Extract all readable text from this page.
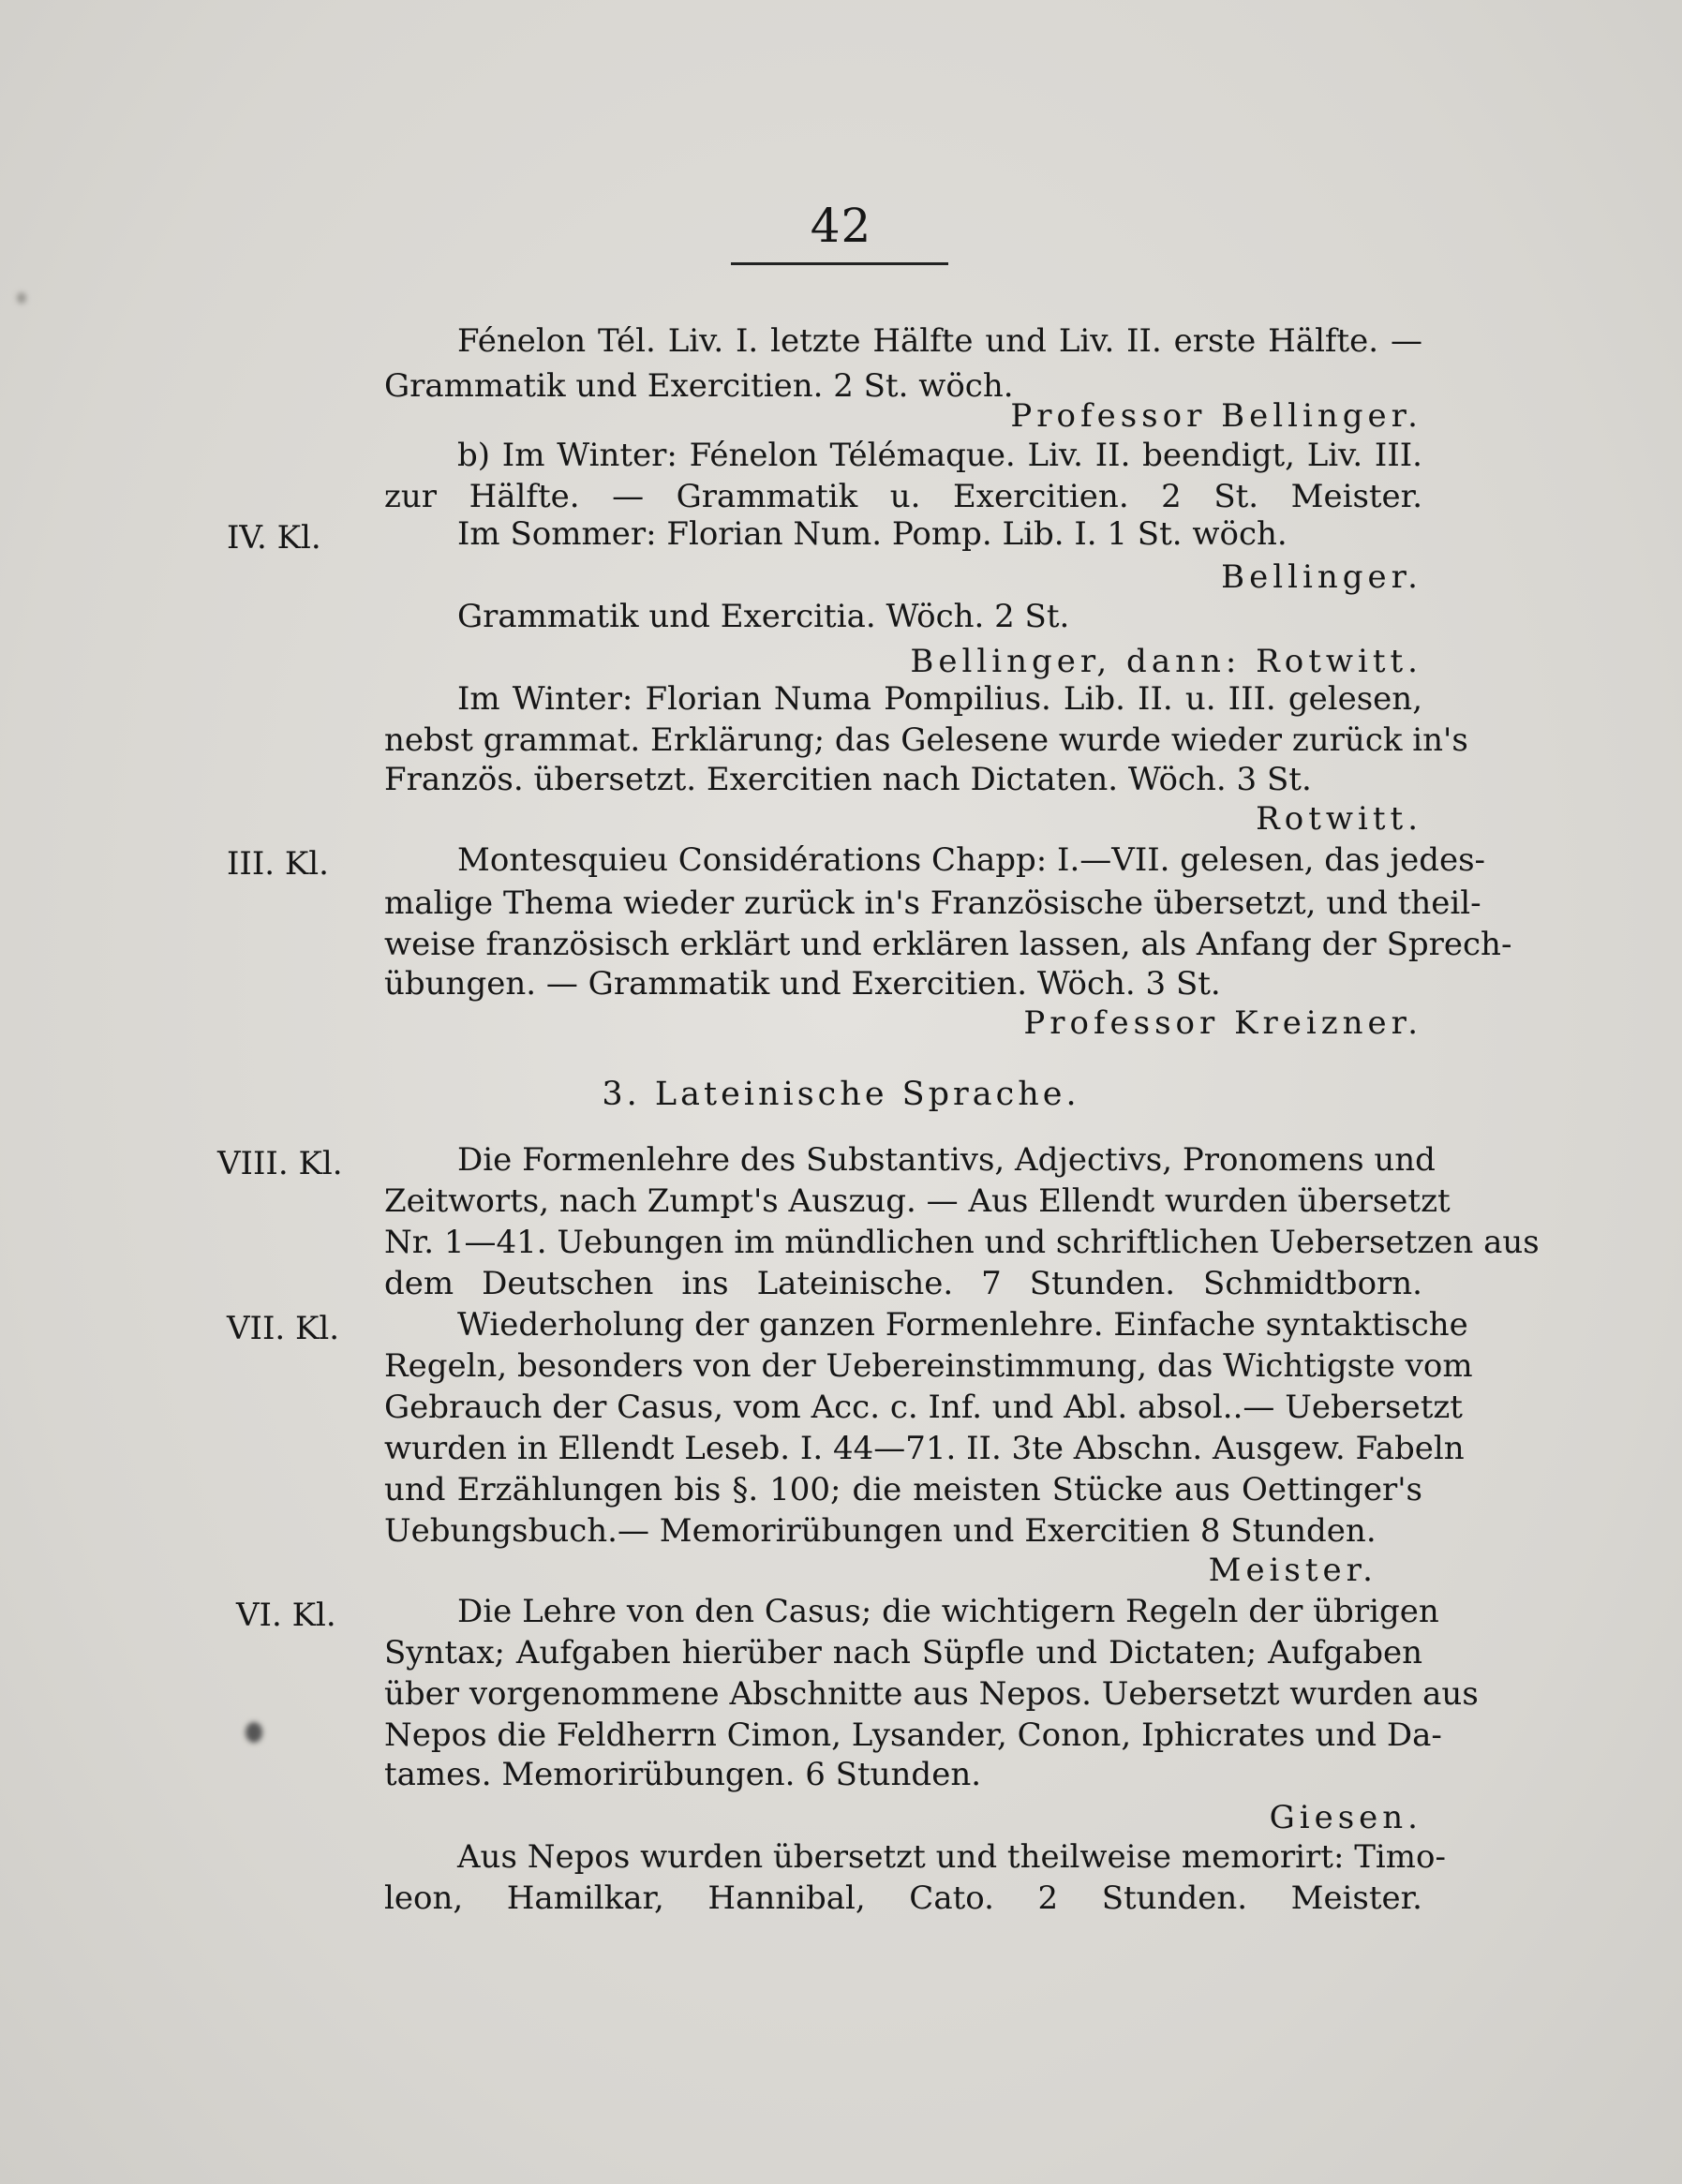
42
Fénelon Tél. Liv. I. letzte Hälfte und Liv. II. erste Hälfte. —
Grammatik und Exercitien. 2 St. wöch.
Professor Bellinger.
b) Im Winter: Fénelon Télémaque. Liv. II. beendigt, Liv. III.
zur Hälfte. — Grammatik u. Exercitien. 2 St. Meister.
IV. Kl.	Im Sommer: Florian Num. Pomp. Lib. I. 1 St. wöch.
Bellinger.
Grammatik und Exercitia. Wöch. 2 St.
Bellinger, dann: Rotwitt.
Im Winter: Florian Numa Pompilius. Lib. II. u. III. gelesen,
nebst grammat. Erklärung; das Gelesene wurde wieder zurück in's
Französ. übersetzt. Exercitien nach Dictaten. Wöch. 3 St.
Rotwitt.
III. Kl.	Montesquieu Considérations Chapp: I.—VII. gelesen, das jedes-
malige Thema wieder zurück in's Französische übersetzt, und theil-
weise französisch erklärt und erklären lassen, als Anfang der Sprech-
übungen. — Grammatik und Exercitien. Wöch. 3 St.
Professor Kreizner.
3. Lateinische Sprache.
VIII. Kl.	Die Formenlehre des Substantivs, Adjectivs, Pronomens und
Zeitworts, nach Zumpt's Auszug. — Aus Ellendt wurden übersetzt
Nr. 1—41. Uebungen im mündlichen und schriftlichen Uebersetzen aus
dem Deutschen ins Lateinische. 7 Stunden. Schmidtborn.
VII. Kl.	Wiederholung der ganzen Formenlehre. Einfache syntaktische
Regeln, besonders von der Uebereinstimmung, das Wichtigste vom
Gebrauch der Casus, vom Acc. c. Inf. und Abl. absol..— Uebersetzt
wurden in Ellendt Leseb. I. 44—71. II. 3te Abschn. Ausgew. Fabeln
und Erzählungen bis §. 100; die meisten Stücke aus Oettinger's
Uebungsbuch.— Memorirübungen und Exercitien 8 Stunden.
Meister.
VI. Kl.	Die Lehre von den Casus; die wichtigern Regeln der übrigen
Syntax; Aufgaben hierüber nach Süpfle und Dictaten; Aufgaben
über vorgenommene Abschnitte aus Nepos. Uebersetzt wurden aus
Nepos die Feldherrn Cimon, Lysander, Conon, Iphicrates und Da-
tames. Memorirübungen. 6 Stunden.
Giesen.
Aus Nepos wurden übersetzt und theilweise memorirt: Timo-
leon, Hamilkar, Hannibal, Cato. 2 Stunden. Meister.
